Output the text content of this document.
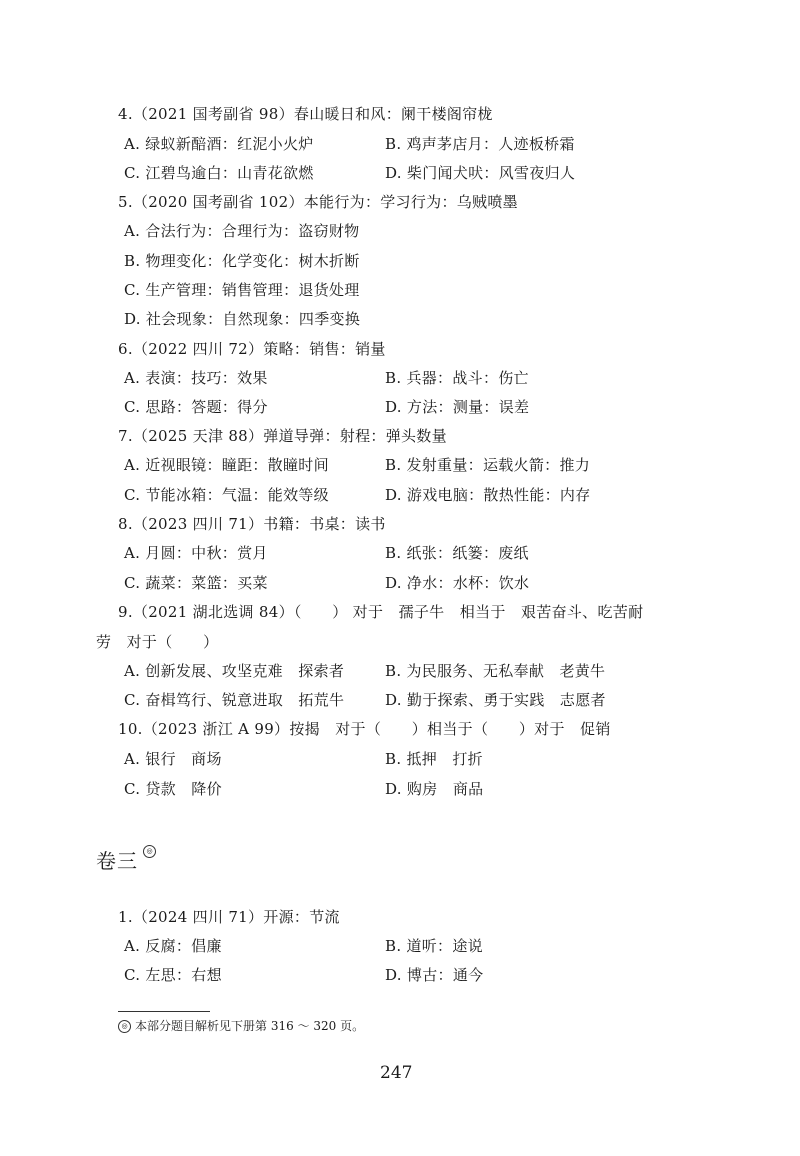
4.（2021 国考副省 98）春山暖日和风：阑干楼阁帘栊
A. 绿蚁新醅酒：红泥小火炉	B. 鸡声茅店月：人迹板桥霜
C. 江碧鸟逾白：山青花欲燃	D. 柴门闻犬吠：风雪夜归人
5.（2020 国考副省 102）本能行为：学习行为：乌贼喷墨
A. 合法行为：合理行为：盗窃财物
B. 物理变化：化学变化：树木折断
C. 生产管理：销售管理：退货处理
D. 社会现象：自然现象：四季变换
6.（2022 四川 72）策略：销售：销量
A. 表演：技巧：效果	B. 兵器：战斗：伤亡
C. 思路：答题：得分	D. 方法：测量：误差
7.（2025 天津 88）弹道导弹：射程：弹头数量
A. 近视眼镜：瞳距：散瞳时间	B. 发射重量：运载火箭：推力
C. 节能冰箱：气温：能效等级	D. 游戏电脑：散热性能：内存
8.（2023 四川 71）书籍：书桌：读书
A. 月圆：中秋：赏月	B. 纸张：纸篓：废纸
C. 蔬菜：菜篮：买菜	D. 净水：水杯：饮水
9.（2021 湖北选调 84）（　　） 对于　孺子牛　相当于　艰苦奋斗、吃苦耐
劳　对于（　　）
A. 创新发展、攻坚克难　探索者	B. 为民服务、无私奉献　老黄牛
C. 奋楫笃行、锐意进取　拓荒牛	D. 勤于探索、勇于实践　志愿者
10.（2023 浙江 A 99）按揭　对于（　　）相当于（　　）对于　促销
A. 银行　商场	B. 抵押　打折
C. 贷款　降价	D. 购房　商品
卷三	◎
1.（2024 四川 71）开源：节流
A. 反腐：倡廉	B. 道听：途说
C. 左思：右想	D. 博古：通今
◎ 本部分题目解析见下册第 316 ～ 320 页。
247
